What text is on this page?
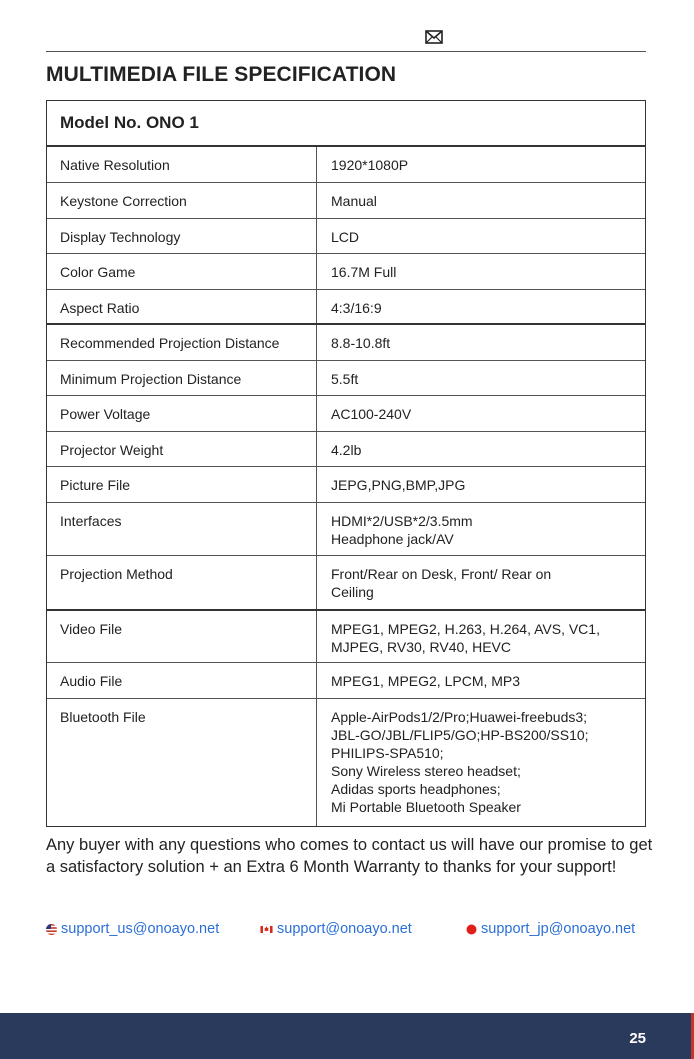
MULTIMEDIA FILE SPECIFICATION
Model No. ONO 1
Native Resolution	1920*1080P
Keystone Correction	Manual
Display Technology	LCD
Color Game	16.7M Full
Aspect Ratio	4:3/16:9
Recommended Projection Distance	8.8-10.8ft
Minimum Projection Distance	5.5ft
Power Voltage	AC100-240V
Projector Weight	4.2lb
Picture File	JEPG,PNG,BMP,JPG
Interfaces	HDMI*2/USB*2/3.5mm
Headphone jack/AV
Projection Method	Front/Rear on Desk, Front/ Rear on
Ceiling
Video File	MPEG1, MPEG2, H.263, H.264, AVS, VC1,
MJPEG, RV30, RV40, HEVC
Audio File	MPEG1, MPEG2, LPCM, MP3
Bluetooth File	Apple-AirPods1/2/Pro;Huawei-freebuds3;
JBL-GO/JBL/FLIP5/GO;HP-BS200/SS10;
PHILIPS-SPA510;
Sony Wireless stereo headset;
Adidas sports headphones;
Mi Portable Bluetooth Speaker

Any buyer with any questions who comes to contact us will have our promise to get a satisfactory solution + an Extra 6 Month Warranty to thanks for your support!

support_us@onoayo.net	support@onoayo.net	support_jp@onoayo.net
25
